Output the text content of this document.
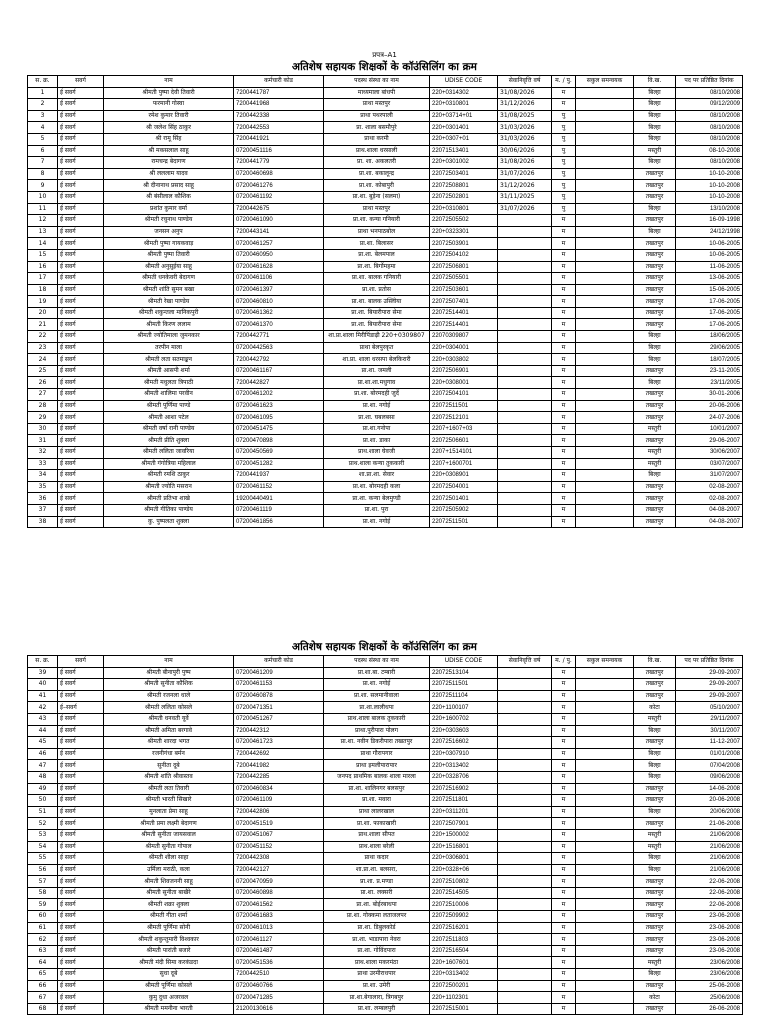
प्रपत्र–A1
अतिशेष सहायक शिक्षकों के कॉउंसिलिंग का क्रम
स. क्र.	सवर्ग	नाम	कर्मचारी कोड	पदस्थ संस्था का नाम	UDISE CODE	सेवानिवृत्ति वर्ष	म. / पु.	सकुल समन्वयक	वि.ख.	पद पर प्रतिष्ठित दिनांक
1	ई सवर्ग	श्रीमती पुष्पा देवी तिवारी	7200441787	माध्यमाला बांधपी	220+0314302	31/08/2026	म		बिल्हा	08/10/2008
2	ई सवर्ग	फरमानी गोस्वा	7200441968	प्राथा मस्तपुर	220+0310801	31/12/2026	म		बिल्हा	09/12/2009
3	ई सवर्ग	रमेश कुमार तिवारी	7200442338	प्राथा पथरपाली	220+03714+01	31/08/2025	पु		बिल्हा	08/10/2008
4	ई सवर्ग	श्री जलेश सिंह ठाकुर	7200442553	प्रा. शाला बसमौपुरे	220+0301401	31/03/2026	पु		बिल्हा	08/10/2008
5	ई सवर्ग	श्री रामू सिंह	7200441921	प्राथा करमी	220+0307+01	31/03/2026	पु		बिल्हा	08/10/2008
6	ई सवर्ग	श्री मकसलाल साहू	07200451116	प्राथ.शाला धरसाली	22071513401	30/06/2026	पु		मस्तुरी	08-10-2008
7	ई सवर्ग	रामचन्द्र बेदागण	7200441779	प्रा. शा. अकलतरी	220+0301002	31/08/2026	पु		बिल्हा	08/10/2008
8	ई सवर्ग	श्री लललाम यादव	07200460698	प्रा.शा. बकालून्द्र	22072503401	31/07/2026	पु		तखतपुर	10-10-2008
9	ई सवर्ग	श्री दीनानाथ प्रसाद साहू	07200461276	प्रा.शा. कोबापुरी	22072508801	31/12/2026	पु		तखतपुर	10-10-2008
10	ई सवर्ग	श्री बंसीलाल कौशिक	07200461192	प्रा.शा. बुड़ेना (सलमा)	22072502801	31/11/2025	पु		तखतपुर	10-10-2008
11	ई सवर्ग	प्रशांत कुमार वर्मा	7200442675	प्राथा मस्तपुर	220+0310801	31/07/2026	पु		बिल्हा	13/10/2008
12	ई सवर्ग	श्रीमती रचुनाथ पाण्डेय	07200461090	प्रा.शा. कन्या गनियारी	22072505502		म		तखतपुर	16-09-1998
13	ई सवर्ग	जनसन अनुप	7200443141	प्राथा भनपाठबोल	220+0323301		म		बिल्हा	24/12/1998
14	ई सवर्ग	श्रीमती पुष्पा गायकवाड़	07200461257	प्रा.शा. बिलासर	22072503901		म		तखतपुर	10-06-2005
15	ई सवर्ग	श्रीमती पुष्पा तिवारी	07200460950	प्रा.शा. बेलमपाल	22072504102		म		तखतपुर	10-06-2005
16	ई सवर्ग	श्रीमती अनुसुईया साहू	07200461628	प्रा.शा. बिर्गोमहमा	22072506801		म		तखतपुर	11-06-2005
17	ई सवर्ग	श्रीमती धनकेवरी बेदागण	07200461106	प्रा.शा. बालक गनियारी	22072505501		म		तखतपुर	13-06-2005
18	ई सवर्ग	श्रीमती शांति सुमन बखा	07200461397	प्रा.शा. प्रतोस	22072503601		म		तखतपुर	15-06-2005
19	ई सवर्ग	श्रीमती रेखा पाण्डेय	07200460810	प्रा.शा. बालक उस्लोिया	22072507401		म		तखतपुर	17-06-2005
20	ई सवर्ग	श्रीमती शकुन्तला मानिकपुरी	07200461362	प्रा.शा. बियारीपारा सेमा	22072514401		म		तखतपुर	17-06-2005
21	ई सवर्ग	श्रीमती किरण ललाम	07200461370	प्रा.शा. बियारीपारा सेमा	22072514401		म		तखतपुर	17-06-2005
22	ई सवर्ग	श्रीमती ज्योतिमाला जुमनकार	7200442771	शा.प्रा.शाला मिरीपिंडाढ़ी 220+0309807	22070309807		म		बिल्हा	18/06/2005
23	ई सवर्ग	तरपीन माला	07200442563	प्राथा बेलपुरकृत	220+0304001		म		बिल्हा	29/06/2005
24	ई सवर्ग	श्रीमती लता सतमाङ्कन	7200442792	शा.प्रा. शाला धरसपा बेलकिरारी	220+0303802		म		बिल्हा	18/07/2005
25	ई सवर्ग	श्रीमती आसपी शर्मा	07200461167	प्रा.शा. जमली	22072506901		म		तखतपुर	23-11-2005
26	ई सवर्ग	श्रीमती मधुलता त्रिपाठी	7200442827	प्रा.शा.शा.मधुगाव	220+0308001		म		बिल्हा	23/11/2005
27	ई सवर्ग	श्रीमती शालिमा परवीन	07200461202	प्रा.शा. बोरमदही जुर्दे	22072504101		म		तखतपुर	30-01-2006
28	ई सवर्ग	श्रीमती पूर्णिमा पाण्डे	07200461623	प्रा.शा. नगोई	22072511501		म		तखतपुर	20-06-2006
29	ई सवर्ग	श्रीमती आशा पटेल	07200461095	प्रा.शा. घबलबसा	22072512101		म		तखतपुर	24-07-2006
30	ई सवर्ग	श्रीमती वर्षा रानी पाण्डेय	07200451475	प्रा.शा.गनोपा	2207+1607+03		म		मस्तुरी	10/01/2007
31	ई सवर्ग	श्रीमती प्रीति शुक्ला	07200470898	प्रा.शा. डाका	22072506601		म		तखतपुर	29-06-2007
32	ई सवर्ग	श्रीमती ललिता जावरिया	07200450569	प्राथ.शाला घेवजी	2207+1514101		म		मस्तुरी	30/06/2007
33	ई सवर्ग	श्रीमती गंगोत्रिया महिलाल	07200451282	प्राथ.शाला कन्या तुककारी	2207+1600701		म		मस्तुरी	03/07/2007
34	ई सवर्ग	श्रीमती रमशि ठाकुर	7200441937	शा.प्रा.शा. सेवार	220+0308901		म		बिल्हा	31/07/2007
35	ई सवर्ग	श्रीमती ज्योति मसरान	07200461152	प्रा.शा. बोरमदही कला	22072504001		म		तखतपुर	02-08-2007
36	ई सवर्ग	श्रीमती प्रतिभा शाखे	19200440491	प्रा.शा. कन्या बेलमुण्डी	22072501401		म		तखतपुर	02-08-2007
37	ई सवर्ग	श्रीमती गीतिका पाण्डेय	07200461119	प्रा.शा. पुरा	22072505902		म		तखतपुर	04-08-2007
38	ई सवर्ग	कु. पुष्पलता शुक्ला	07200461856	प्रा.शा. नगोई	22072511501		म		तखतपुर	04-08-2007
अतिशेष सहायक शिक्षकों के कॉउंसिलिंग का क्रम
स. क्र.	सवर्ग	नाम	कर्मचारी कोड	पदस्थ संस्था का नाम	UDISE CODE	सेवानिवृत्ति वर्ष	म. / पु.	सकुल समन्वयक	वि.ख.	पद पर प्रतिष्ठित दिनांक
39	ई सवर्ग	श्रीमती बीनापुरी पुष्प	07200461209	प्रा.शा.बा. टम्बारी	22072513104		म		तखतपुर	29-09-2007
40	ई सवर्ग	श्रीमती सुनीता कौशिक	07200461153	प्रा.शा. नगोई	22072511501		म		तखतपुर	29-09-2007
41	ई सवर्ग	श्रीमती रजनला धाले	07200460878	प्रा.शा. सलमानीवाला	22072511104		म		तखतपुर	29-09-2007
42	ई–सवर्ग	श्रीमती ललिता कोसले	07200471351	प्रा.शा.लालीधपा	220+1100107		म		कोटा	05/10/2007
43	ई सवर्ग	श्रीमती धनवती यूर्वे	07200451267	प्राथ.शाला बालक तुककारी	220+1600702		म		मस्तुरी	29/11/2007
44	ई सवर्ग	श्रीमती अमिता बरगावे	7200442312	प्राथा.पुरीपारा पोलग	220+0303603		म		बिल्हा	30/11/2007
45	ई सवर्ग	श्रीमती शारदा भगत	07200461723	प्रा.शा. नवीन डिकरीपारा तखतपुर	22072516602		म		तखतपुर	11-12-2007
46	ई सवर्ग	रजनीगंधा बर्मन	7200442692	प्राथा गौरापगार	220+0307910		म		बिल्हा	01/01/2008
47	ई सवर्ग	सुनीता दूबे	7200441982	प्राथा इमलीपारापार	220+0313402		म		बिल्हा	07/04/2008
48	ई सवर्ग	श्रीमती शांति श्रीवास्तव	7200442285	जनपद प्राथमिक बालक शाला मारला	220+0328706		म		बिल्हा	09/06/2008
49	ई सवर्ग	श्रीमती लता तिवारी	07200460834	प्रा.शा. शालिनगर बलसपुर	22072516902		म		तखतपुर	14-06-2008
50	ई सवर्ग	श्रीमती भारती सिखारे	07200461109	प्रा.शा. मवारा	22072511801		म		तखतपुर	20-06-2008
51	ई सवर्ग	मुनलाता प्रेमा साहू	7200442806	प्राथा लालरखाल	220+0311201		म		बिल्हा	20/06/2008
52	ई सवर्ग	श्रीमती प्रमा लक्ष्मी बेदागण	07200451519	प्रा.शा. फाकाखारी	22072507901		म		तखतपुर	21-06-2008
53	ई सवर्ग	श्रीमती सुनीता जायसवाल	07200451067	प्राथ.शाला सीपत	220+1500002		म		मस्तुरी	21/06/2008
54	ई सवर्ग	श्रीमती सुनीता गोपाल	07200451152	प्राथ.शाला बरेली	220+1516801		म		मस्तुरी	21/06/2008
55	ई सवर्ग	श्रीमती शीला साहा	7200442308	प्राथा कदार	220+0306801		म		बिल्हा	21/06/2008
56	ई सवर्ग	उर्मिला मराठी, कला	7200442127	शा.प्रा.शा. बलसरा,	220+0328+06		म		बिल्हा	21/06/2008
57	ई सवर्ग	श्रीमती शिवजननी साहू	07200470959	प्रा.शा. प्र.मण्डा	22072510802		म		तखतपुर	22-06-2008
58	ई सवर्ग	श्रीमती सुनीता बाखैरे	07200460898	प्रा.शा. लक्सरी	22072514505		म		तखतपुर	22-06-2008
59	ई सवर्ग	श्रीमती शक्रा शुक्ला	07200461562	प्रा.शा. बोईरबाधपा	22072510006		म		तखतपुर	22-06-2008
60	ई सवर्ग	श्रीमती गीता शर्मा	07200461683	प्रा.शा. गोक्कमा लताजलपर	22072509902		म		तखतपुर	23-06-2008
61	ई सवर्ग	श्रीमती पूर्णिमा सोनी	07200461013	प्रा.शा. डिबुलकोर्ड	22072516201		म		तखतपुर	23-06-2008
62	ई सवर्ग	श्रीमती शकुन्तुमारी विश्वकार	07200461127	प्रा.शा. भाडापारा नेवरा	22072511803		म		तखतपुर	23-06-2008
63	ई सवर्ग	श्रीमती पारांती बजारे	07200461487	प्रा.शा. गोविंदपारा	22072516504		म		तखतपुर	23-06-2008
64	ई सवर्ग	श्रीमती मंदी सिमा करकंडदा	07200451536	प्राथ.शाला मकरमंठा	220+1607601		म		मस्तुरी	23/06/2008
65	ई सवर्ग	सुधा दूबे	7200442510	प्राथा उरमीराधपार	220+0313402		म		बिल्हा	23/06/2008
66	ई सवर्ग	श्रीमती पूर्णिमा कोसले	07200460766	प्रा.शा. उमेरी	22072500201		म		तखतपुर	25-06-2008
67	ई सवर्ग	कुमु दुधा अजरवल	07200471285	प्रा.शा.बेगालारा, त्रिगबपुर	220+1102301		म		कोटा	25/06/2008
68	ई सवर्ग	श्रीमती ममनीना भारती	21200130616	प्रा.शा. लम्बलपुरी	22072515001		म		तखतपुर	26-06-2008
